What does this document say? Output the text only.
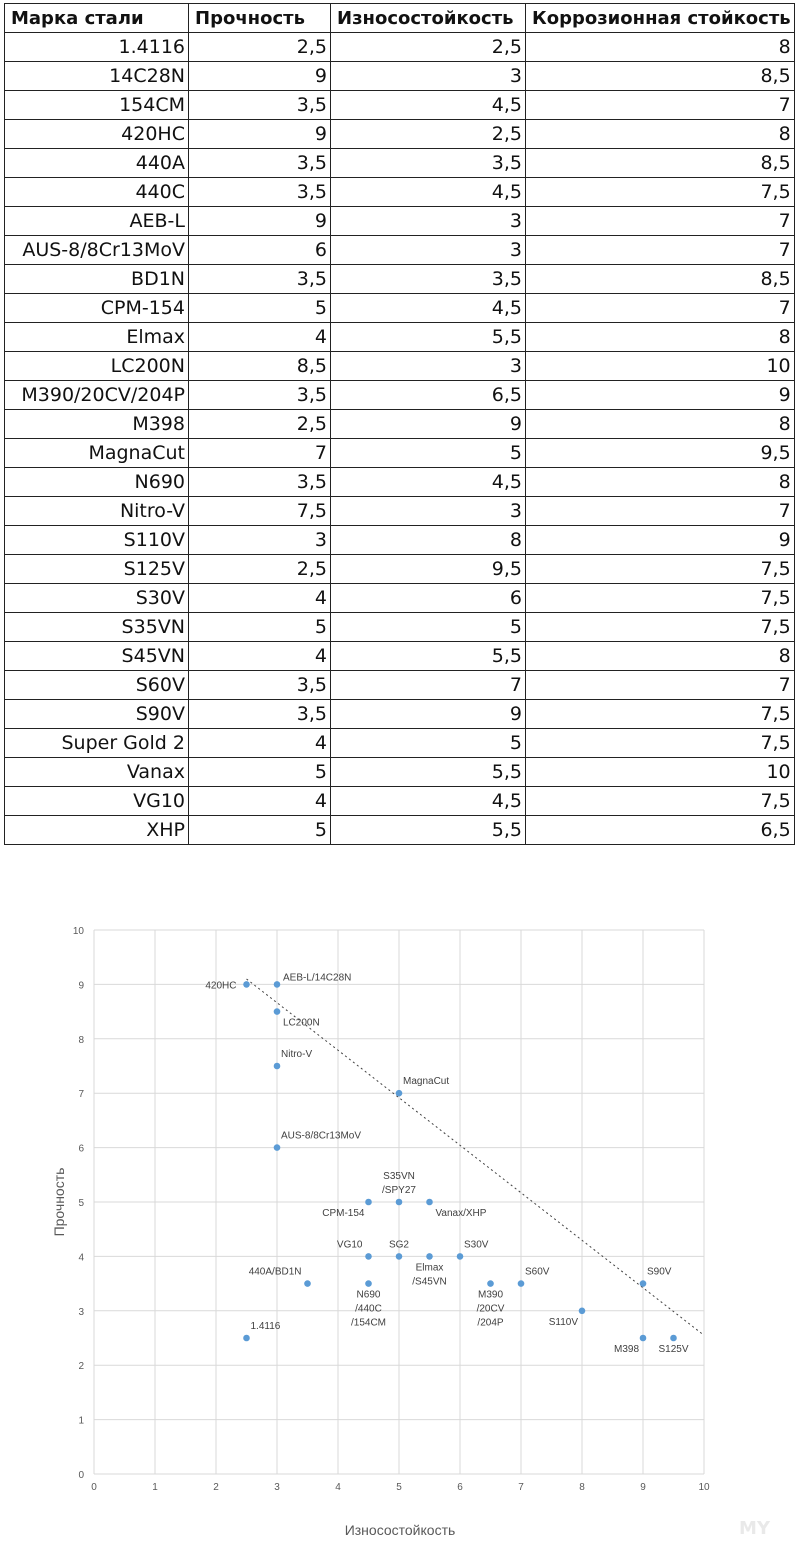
Марка стали	Прочность	Износостойкость	Коррозионная стойкость
1.4116	2,5	2,5	8
14C28N	9	3	8,5
154CM	3,5	4,5	7
420HC	9	2,5	8
440A	3,5	3,5	8,5
440C	3,5	4,5	7,5
AEB-L	9	3	7
AUS-8/8Cr13MoV	6	3	7
BD1N	3,5	3,5	8,5
CPM-154	5	4,5	7
Elmax	4	5,5	8
LC200N	8,5	3	10
M390/20CV/204P	3,5	6,5	9
M398	2,5	9	8
MagnaCut	7	5	9,5
N690	3,5	4,5	8
Nitro-V	7,5	3	7
S110V	3	8	9
S125V	2,5	9,5	7,5
S30V	4	6	7,5
S35VN	5	5	7,5
S45VN	4	5,5	8
S60V	3,5	7	7
S90V	3,5	9	7,5
Super Gold 2	4	5	7,5
Vanax	5	5,5	10
VG10	4	4,5	7,5
XHP	5	5,5	6,5
0	1	2	3	4	5	6	7	8	9	10
0
1
2
3
4
5
6
7
8
9
10
420HC
AEB-L/14C28N
LC200N
Nitro-V
MagnaCut
AUS-8/8Cr13MoV
CPM-154
S35VN
/SPY27
Vanax/XHP
VG10	SG2
Elmax
/S45VN
S30V
440A/BD1N
N690
/440C
/154CM
M390
/20CV
/204P
S60V
S110V
S90V
1.4116
M398 S125V
Износостойкость
Прочность
MY
